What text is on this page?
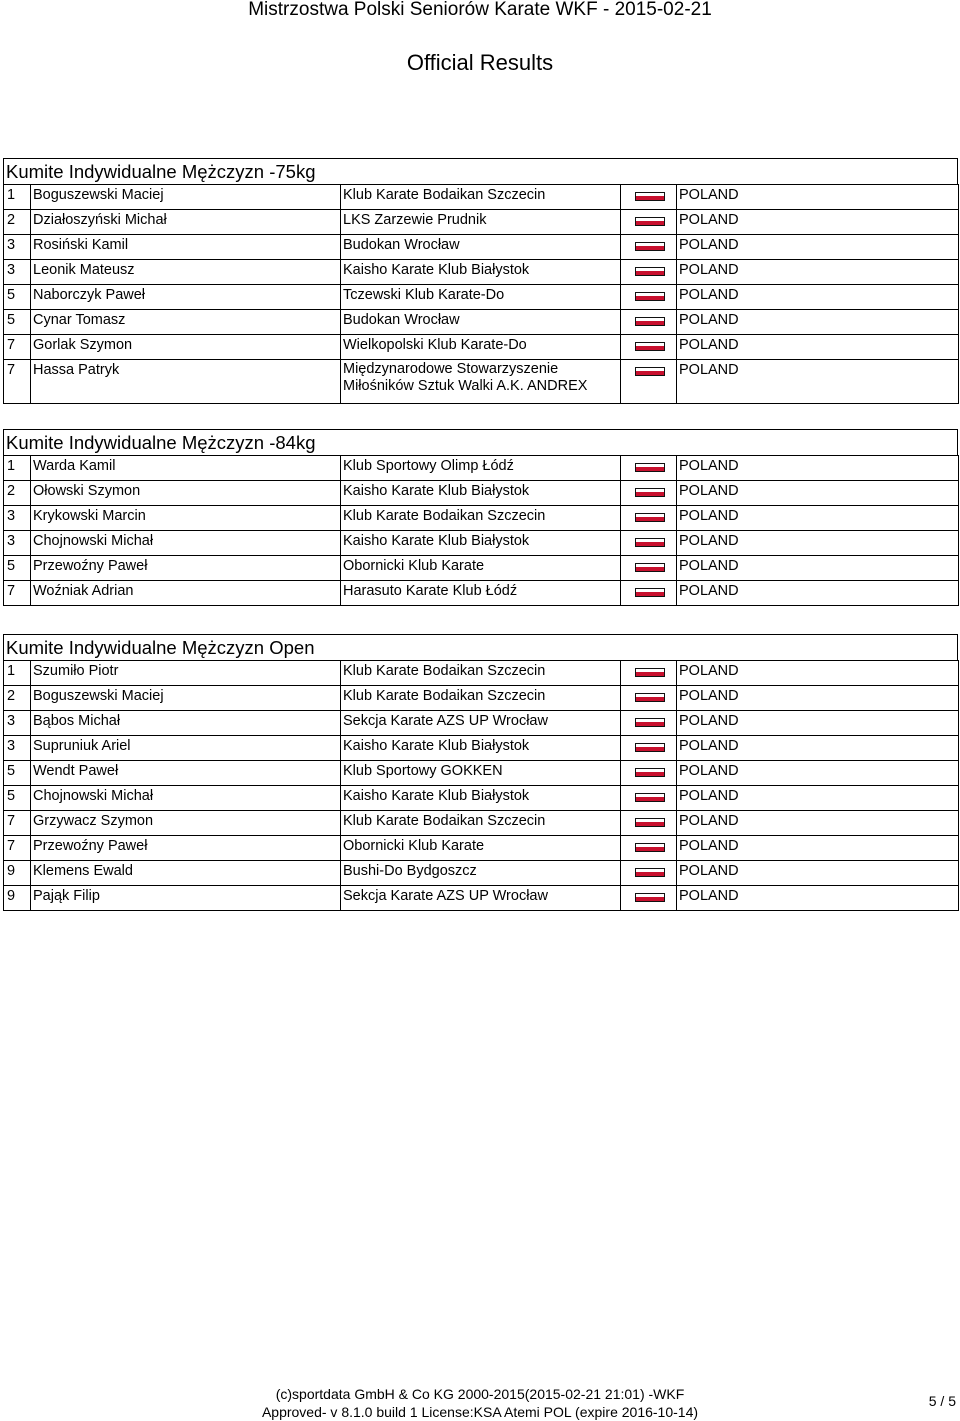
Mistrzostwa Polski Seniorów Karate WKF - 2015-02-21
Official Results
Kumite Indywidualne Mężczyzn -75kg
1	Boguszewski Maciej	Klub Karate Bodaikan Szczecin		POLAND
2	Działoszyński Michał	LKS Zarzewie Prudnik		POLAND
3	Rosiński Kamil	Budokan Wrocław		POLAND
3	Leonik Mateusz	Kaisho Karate Klub Białystok		POLAND
5	Naborczyk Paweł	Tczewski Klub Karate-Do		POLAND
5	Cynar Tomasz	Budokan Wrocław		POLAND
7	Gorlak Szymon	Wielkopolski Klub Karate-Do		POLAND
7	Hassa Patryk	Międzynarodowe Stowarzyszenie Miłośników Sztuk Walki A.K. ANDREX		POLAND
Kumite Indywidualne Mężczyzn -84kg
1	Warda Kamil	Klub Sportowy Olimp Łódź		POLAND
2	Ołowski Szymon	Kaisho Karate Klub Białystok		POLAND
3	Krykowski Marcin	Klub Karate Bodaikan Szczecin		POLAND
3	Chojnowski Michał	Kaisho Karate Klub Białystok		POLAND
5	Przewoźny Paweł	Obornicki Klub Karate		POLAND
7	Woźniak Adrian	Harasuto Karate Klub Łódź		POLAND
Kumite Indywidualne Mężczyzn Open
1	Szumiło Piotr	Klub Karate Bodaikan Szczecin		POLAND
2	Boguszewski Maciej	Klub Karate Bodaikan Szczecin		POLAND
3	Bąbos Michał	Sekcja Karate AZS UP Wrocław		POLAND
3	Supruniuk Ariel	Kaisho Karate Klub Białystok		POLAND
5	Wendt Paweł	Klub Sportowy GOKKEN		POLAND
5	Chojnowski Michał	Kaisho Karate Klub Białystok		POLAND
7	Grzywacz Szymon	Klub Karate Bodaikan Szczecin		POLAND
7	Przewoźny Paweł	Obornicki Klub Karate		POLAND
9	Klemens Ewald	Bushi-Do Bydgoszcz		POLAND
9	Pająk Filip	Sekcja Karate AZS UP Wrocław		POLAND
(c)sportdata GmbH & Co KG 2000-2015(2015-02-21 21:01) -WKF
Approved- v 8.1.0 build 1 License:KSA Atemi POL (expire 2016-10-14)
5 / 5
